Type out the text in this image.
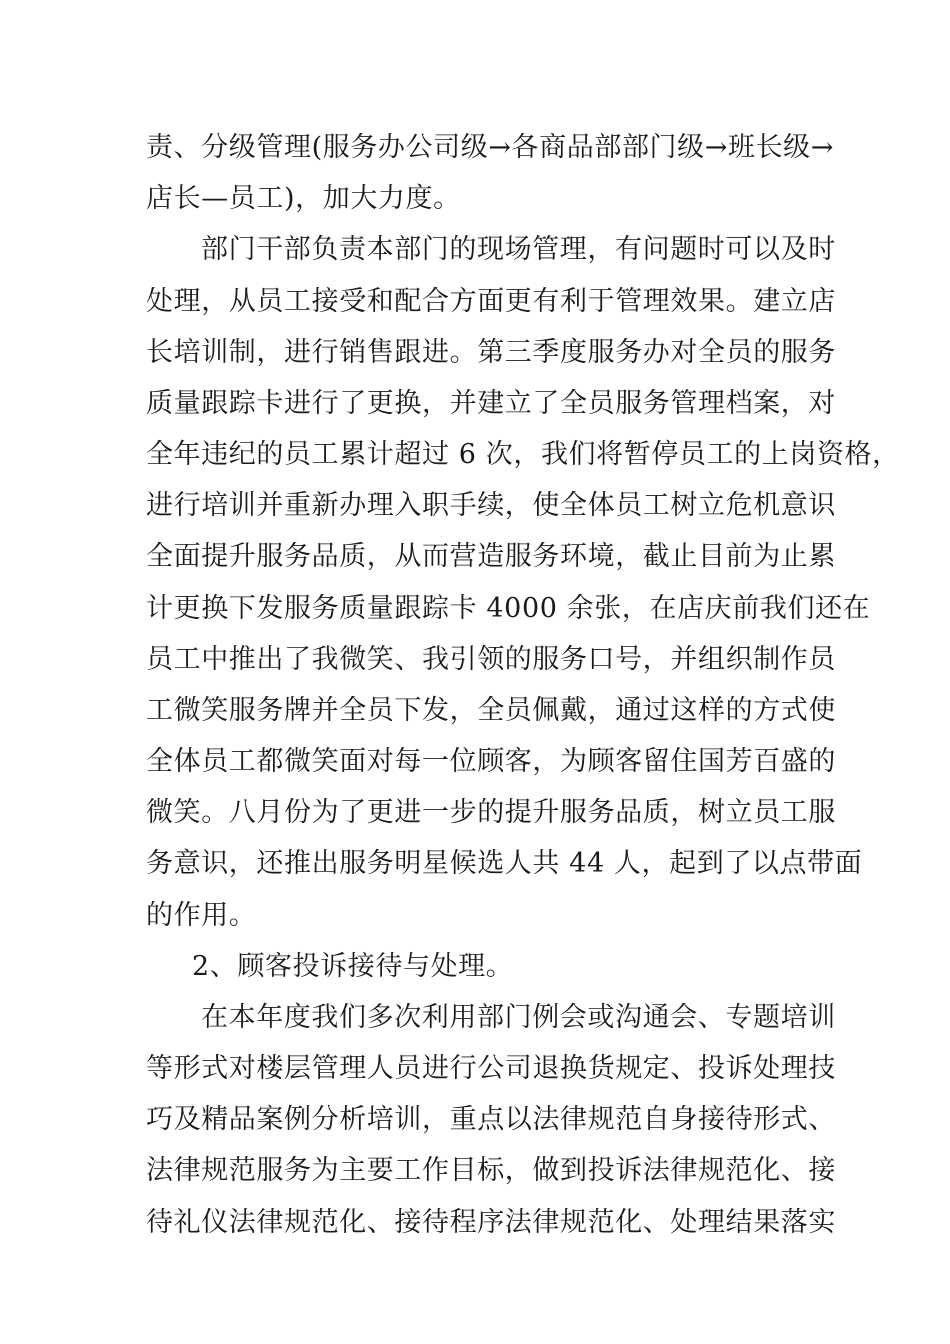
责、分级管理(服务办公司级→各商品部部门级→班长级→
店长—员工)，加大力度。
部门干部负责本部门的现场管理，有问题时可以及时
处理，从员工接受和配合方面更有利于管理效果。建立店
长培训制，进行销售跟进。第三季度服务办对全员的服务
质量跟踪卡进行了更换，并建立了全员服务管理档案，对
全年违纪的员工累计超过 6 次，我们将暂停员工的上岗资格，
进行培训并重新办理入职手续，使全体员工树立危机意识
全面提升服务品质，从而营造服务环境，截止目前为止累
计更换下发服务质量跟踪卡 4000 余张，在店庆前我们还在
员工中推出了我微笑、我引领的服务口号，并组织制作员
工微笑服务牌并全员下发，全员佩戴，通过这样的方式使
全体员工都微笑面对每一位顾客，为顾客留住国芳百盛的
微笑。八月份为了更进一步的提升服务品质，树立员工服
务意识，还推出服务明星候选人共 44 人，起到了以点带面
的作用。
2、顾客投诉接待与处理。
在本年度我们多次利用部门例会或沟通会、专题培训
等形式对楼层管理人员进行公司退换货规定、投诉处理技
巧及精品案例分析培训，重点以法律规范自身接待形式、
法律规范服务为主要工作目标，做到投诉法律规范化、接
待礼仪法律规范化、接待程序法律规范化、处理结果落实
